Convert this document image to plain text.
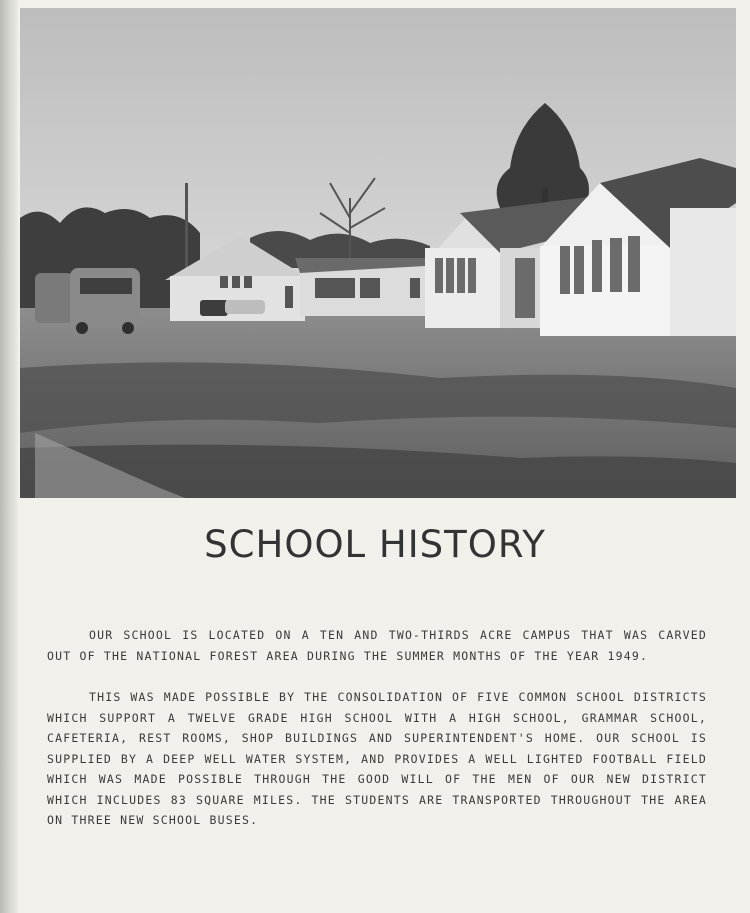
SCHOOL HISTORY

OUR SCHOOL IS LOCATED ON A TEN AND TWO-THIRDS ACRE CAMPUS THAT WAS CARVED OUT OF THE NATIONAL FOREST AREA DURING THE SUMMER MONTHS OF THE YEAR 1949.

THIS WAS MADE POSSIBLE BY THE CONSOLIDATION OF FIVE COMMON SCHOOL DISTRICTS WHICH SUPPORT A TWELVE GRADE HIGH SCHOOL WITH A HIGH SCHOOL, GRAMMAR SCHOOL, CAFETERIA, REST ROOMS, SHOP BUILDINGS AND SUPERINTENDENT'S HOME. OUR SCHOOL IS SUPPLIED BY A DEEP WELL WATER SYSTEM, AND PROVIDES A WELL LIGHTED FOOTBALL FIELD WHICH WAS MADE POSSIBLE THROUGH THE GOOD WILL OF THE MEN OF OUR NEW DISTRICT WHICH INCLUDES 83 SQUARE MILES. THE STUDENTS ARE TRANSPORTED THROUGHOUT THE AREA ON THREE NEW SCHOOL BUSES.
